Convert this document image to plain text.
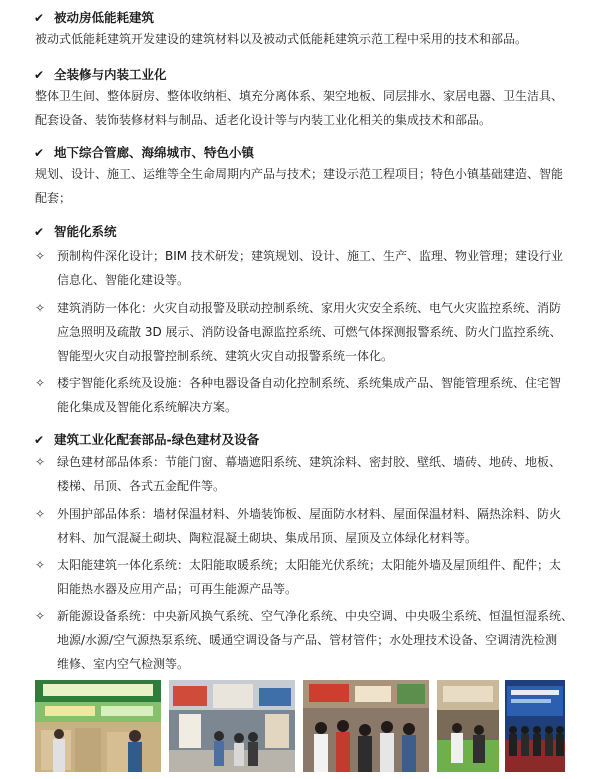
✔ 被动房低能耗建筑
被动式低能耗建筑开发建设的建筑材料以及被动式低能耗建筑示范工程中采用的技术和部品。
✔ 全装修与内装工业化
整体卫生间、整体厨房、整体收纳柜、填充分离体系、架空地板、同层排水、家居电器、卫生洁具、
配套设备、装饰装修材料与制品、适老化设计等与内装工业化相关的集成技术和部品。
✔ 地下综合管廊、海绵城市、特色小镇
规划、设计、施工、运维等全生命周期内产品与技术；建设示范工程项目；特色小镇基础建造、智能
配套；
✔ 智能化系统
✧ 预制构件深化设计；BIM 技术研发；建筑规划、设计、施工、生产、监理、物业管理；建设行业
信息化、智能化建设等。
✧ 建筑消防一体化：火灾自动报警及联动控制系统、家用火灾安全系统、电气火灾监控系统、消防
应急照明及疏散 3D 展示、消防设备电源监控系统、可燃气体探测报警系统、防火门监控系统、
智能型火灾自动报警控制系统、建筑火灾自动报警系统一体化。
✧ 楼宇智能化系统及设施：各种电器设备自动化控制系统、系统集成产品、智能管理系统、住宅智
能化集成及智能化系统解决方案。
✔ 建筑工业化配套部品-绿色建材及设备
✧ 绿色建材部品体系：节能门窗、幕墙遮阳系统、建筑涂料、密封胶、壁纸、墙砖、地砖、地板、
楼梯、吊顶、各式五金配件等。
✧ 外围护部品体系：墙材保温材料、外墙装饰板、屋面防水材料、屋面保温材料、隔热涂料、防火
材料、加气混凝土砌块、陶粒混凝土砌块、集成吊顶、屋顶及立体绿化材料等。
✧ 太阳能建筑一体化系统：太阳能取暖系统；太阳能光伏系统；太阳能外墙及屋顶组件、配件；太
阳能热水器及应用产品；可再生能源产品等。
✧ 新能源设备系统：中央新风换气系统、空气净化系统、中央空调、中央吸尘系统、恒温恒湿系统、
地源/水源/空气源热泵系统、暖通空调设备与产品、管材管件；水处理技术设备、空调清洗检测
维修、室内空气检测等。
